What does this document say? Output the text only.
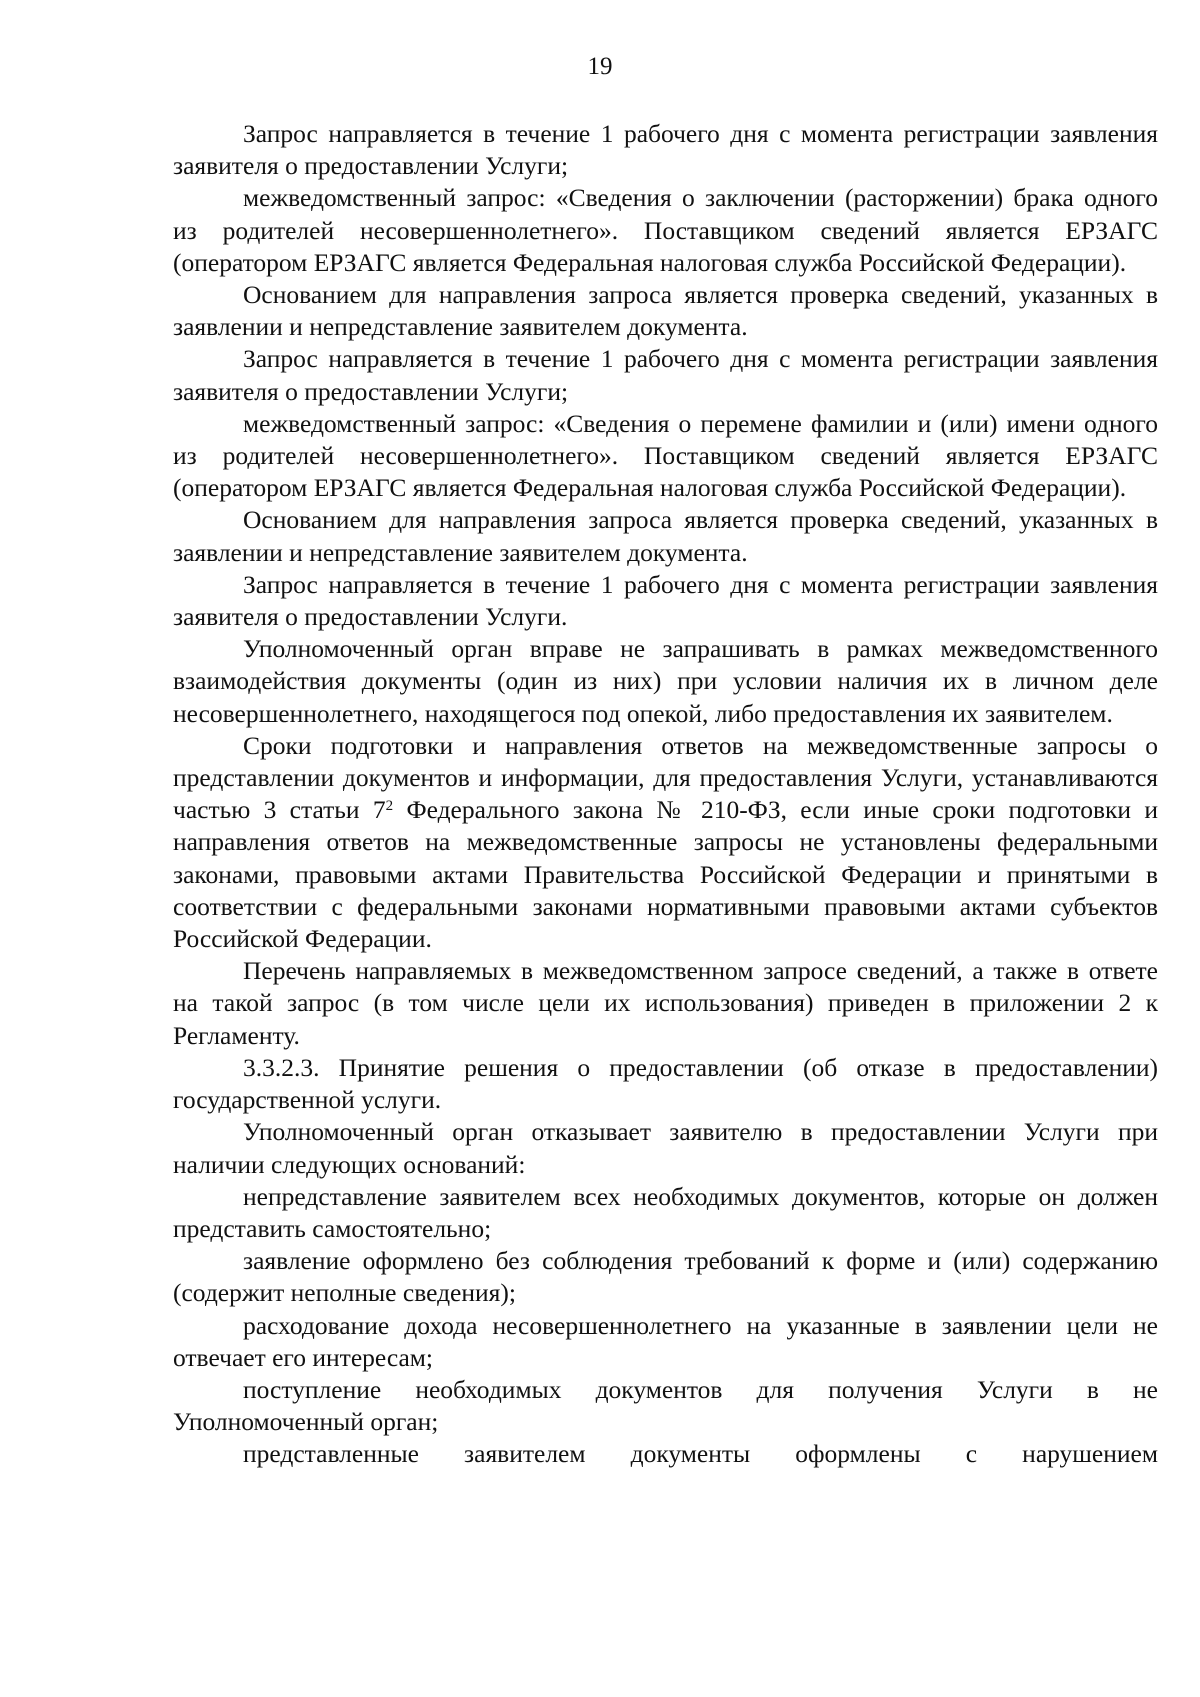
19

Запрос направляется в течение 1 рабочего дня с момента регистрации заявления заявителя о предоставлении Услуги;

межведомственный запрос: «Сведения о заключении (расторжении) брака одного из родителей несовершеннолетнего». Поставщиком сведений является ЕРЗАГС (оператором ЕРЗАГС является Федеральная налоговая служба Российской Федерации).

Основанием для направления запроса является проверка сведений, указанных в заявлении и непредставление заявителем документа.

Запрос направляется в течение 1 рабочего дня с момента регистрации заявления заявителя о предоставлении Услуги;

межведомственный запрос: «Сведения о перемене фамилии и (или) имени одного из родителей несовершеннолетнего». Поставщиком сведений является ЕРЗАГС (оператором ЕРЗАГС является Федеральная налоговая служба Российской Федерации).

Основанием для направления запроса является проверка сведений, указанных в заявлении и непредставление заявителем документа.

Запрос направляется в течение 1 рабочего дня с момента регистрации заявления заявителя о предоставлении Услуги.

Уполномоченный орган вправе не запрашивать в рамках межведомственного взаимодействия документы (один из них) при условии наличия их в личном деле несовершеннолетнего, находящегося под опекой, либо предоставления их заявителем.

Сроки подготовки и направления ответов на межведомственные запросы о представлении документов и информации, для предоставления Услуги, устанавливаются частью 3 статьи $7^2$ Федерального закона № 210-ФЗ, если иные сроки подготовки и направления ответов на межведомственные запросы не установлены федеральными законами, правовыми актами Правительства Российской Федерации и принятыми в соответствии с федеральными законами нормативными правовыми актами субъектов Российской Федерации.

Перечень направляемых в межведомственном запросе сведений, а также в ответе на такой запрос (в том числе цели их использования) приведен в приложении 2 к Регламенту.

3.3.2.3. Принятие решения о предоставлении (об отказе в предоставлении) государственной услуги.

Уполномоченный орган отказывает заявителю в предоставлении Услуги при наличии следующих оснований:

непредставление заявителем всех необходимых документов, которые он должен представить самостоятельно;

заявление оформлено без соблюдения требований к форме и (или) содержанию (содержит неполные сведения);

расходование дохода несовершеннолетнего на указанные в заявлении цели не отвечает его интересам;

поступление необходимых документов для получения Услуги в не Уполномоченный орган;

представленные заявителем документы оформлены с нарушением
